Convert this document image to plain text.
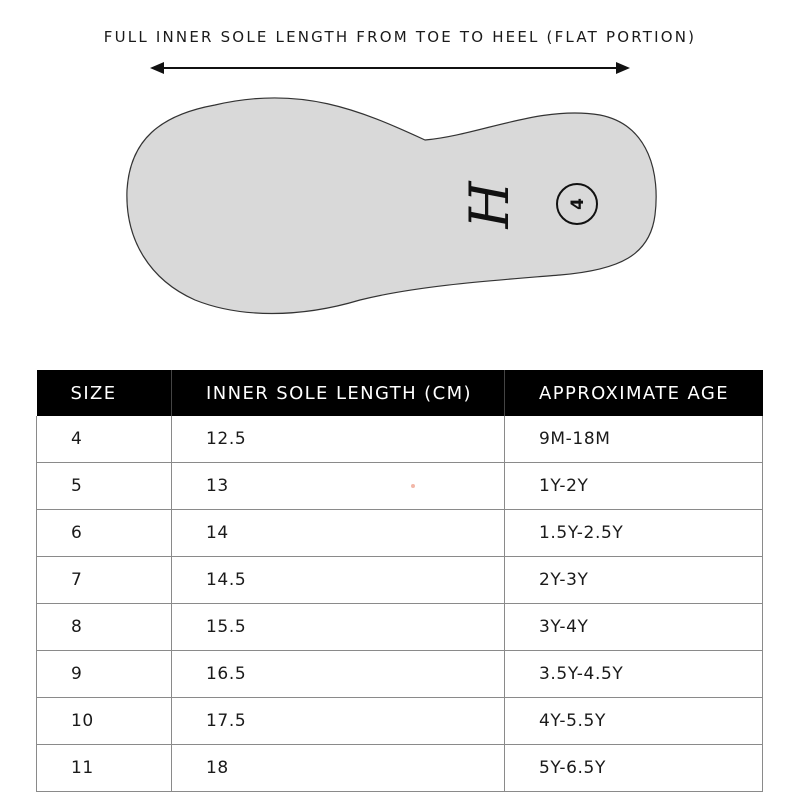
FULL INNER SOLE LENGTH FROM TOE TO HEEL (FLAT PORTION)
H	4
SIZE	INNER SOLE LENGTH (CM)	APPROXIMATE AGE
4	12.5	9M-18M
5	13	1Y-2Y
6	14	1.5Y-2.5Y
7	14.5	2Y-3Y
8	15.5	3Y-4Y
9	16.5	3.5Y-4.5Y
10	17.5	4Y-5.5Y
11	18	5Y-6.5Y
